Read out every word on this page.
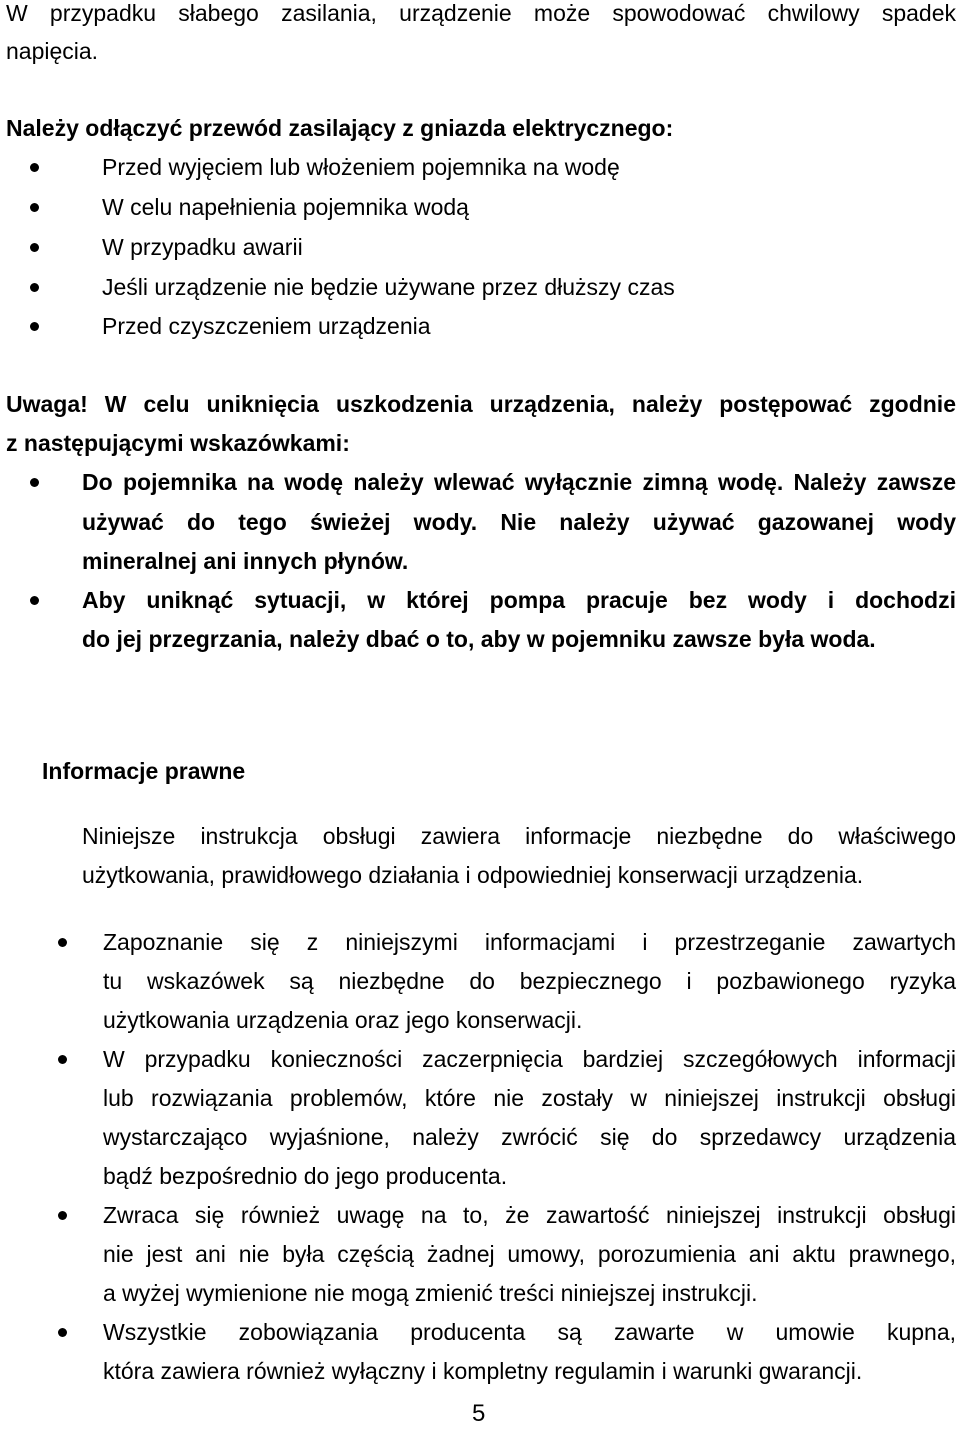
W przypadku słabego zasilania, urządzenie może spowodować chwilowy spadek
napięcia.
Należy odłączyć przewód zasilający z gniazda elektrycznego:
Przed wyjęciem lub włożeniem pojemnika na wodę
W celu napełnienia pojemnika wodą
W przypadku awarii
Jeśli urządzenie nie będzie używane przez dłuższy czas
Przed czyszczeniem urządzenia
Uwaga! W celu uniknięcia uszkodzenia urządzenia, należy postępować zgodnie
z następującymi wskazówkami:
Do pojemnika na wodę należy wlewać wyłącznie zimną wodę. Należy zawsze
używać do tego świeżej wody. Nie należy używać gazowanej wody
mineralnej ani innych płynów.
Aby uniknąć sytuacji, w której pompa pracuje bez wody i dochodzi
do jej przegrzania, należy dbać o to, aby w pojemniku zawsze była woda.
Informacje prawne
Niniejsze instrukcja obsługi zawiera informacje niezbędne do właściwego
użytkowania, prawidłowego działania i odpowiedniej konserwacji urządzenia.
Zapoznanie się z niniejszymi informacjami i przestrzeganie zawartych
tu wskazówek są niezbędne do bezpiecznego i pozbawionego ryzyka
użytkowania urządzenia oraz jego konserwacji.
W przypadku konieczności zaczerpnięcia bardziej szczegółowych informacji
lub rozwiązania problemów, które nie zostały w niniejszej instrukcji obsługi
wystarczająco wyjaśnione, należy zwrócić się do sprzedawcy urządzenia
bądź bezpośrednio do jego producenta.
Zwraca się również uwagę na to, że zawartość niniejszej instrukcji obsługi
nie jest ani nie była częścią żadnej umowy, porozumienia ani aktu prawnego,
a wyżej wymienione nie mogą zmienić treści niniejszej instrukcji.
Wszystkie zobowiązania producenta są zawarte w umowie kupna,
która zawiera również wyłączny i kompletny regulamin i warunki gwarancji.
5
